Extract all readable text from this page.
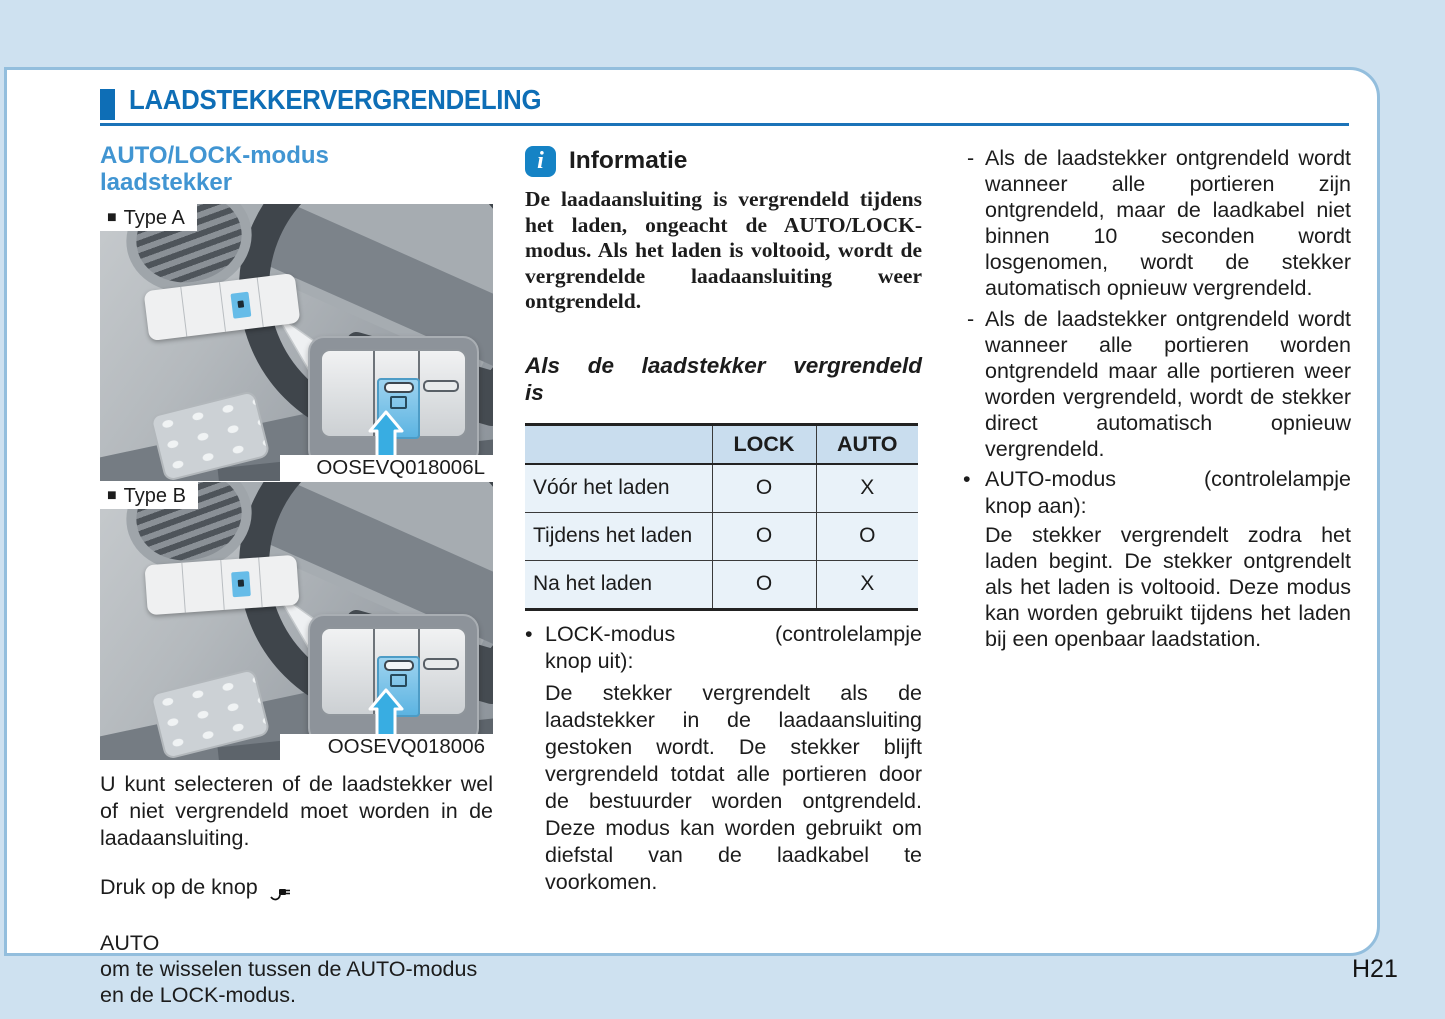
LAADSTEKKERVERGRENDELING
AUTO/LOCK-modus
laadstekker
■ Type A
OOSEVQ018006L
■ Type B
OOSEVQ018006

U kunt selecteren of de laadstekker wel of niet vergrendeld moet worden in de laadaansluiting.

Druk op de knop

AUTO
om te wisselen tussen de AUTO-modus en de LOCK-modus.

i	Informatie

De laadaansluiting is vergrendeld tijdens het laden, ongeacht de AUTO/LOCK-modus. Als het laden is voltooid, wordt de vergrendelde laadaansluiting weer ontgrendeld.

Als de laadstekker vergrendeld
is
	LOCK	AUTO
Vóór het laden	O	X
Tijdens het laden	O	O
Na het laden	O	X
• LOCK-modus (controlelampje
knop uit):

De stekker vergrendelt als de laadstekker in de laadaansluiting gestoken wordt. De stekker blijft vergrendeld totdat alle portieren door de bestuurder worden ontgrendeld. Deze modus kan worden gebruikt om diefstal van de laadkabel te voorkomen.

- Als de laadstekker ontgrendeld wordt wanneer alle portieren zijn ontgrendeld, maar de laadkabel niet binnen 10 seconden wordt losgenomen, wordt de stekker automatisch opnieuw vergrendeld.
- Als de laadstekker ontgrendeld wordt wanneer alle portieren worden ontgrendeld maar alle portieren weer worden vergrendeld, wordt de stekker direct automatisch opnieuw vergrendeld.
• AUTO-modus (controlelampje
knop aan):

De stekker vergrendelt zodra het laden begint. De stekker ontgrendelt als het laden is voltooid. Deze modus kan worden gebruikt tijdens het laden bij een openbaar laadstation.

H21
